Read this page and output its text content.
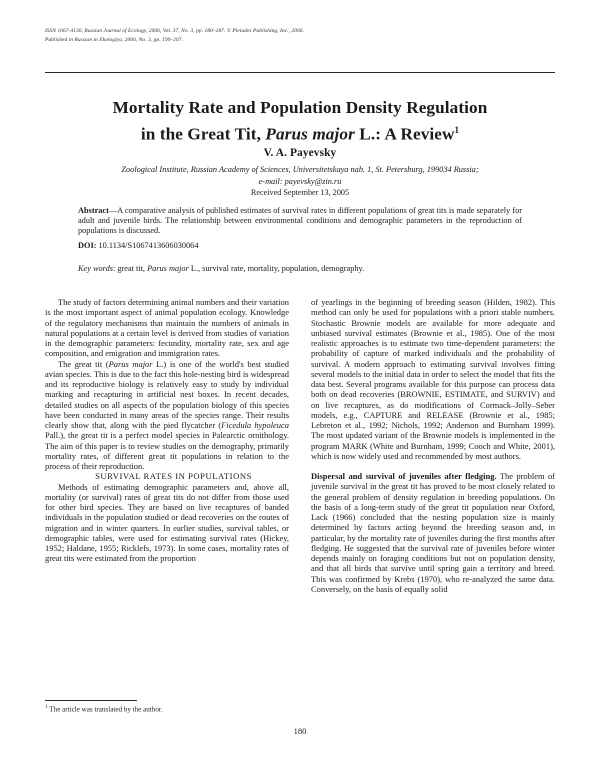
ISSN 1067-4136, Russian Journal of Ecology, 2006, Vol. 37, No. 3, pp. 180–187. © Pleiades Publishing, Inc., 2006.
Published in Russian in Ekologiya, 2006, No. 3, pp. 199–207.
Mortality Rate and Population Density Regulation
in the Great Tit, Parus major L.: A Review$^1$
V. A. Payevsky
Zoological Institute, Russian Academy of Sciences, Universitetskaya nab. 1, St. Petersburg, 199034 Russia;
e-mail: payevsky@zin.ru
Received September 13, 2005
Abstract—A comparative analysis of published estimates of survival rates in different populations of great tits is made separately for adult and juvenile birds. The relationship between environmental conditions and demographic parameters in the reproduction of populations is discussed.
DOI: 10.1134/S1067413606030064
Key words: great tit, Parus major L., survival rate, mortality, population, demography.

The study of factors determining animal numbers and their variation is the most important aspect of animal population ecology. Knowledge of the regulatory mechanisms that maintain the numbers of animals in natural populations at a certain level is derived from studies of variation in the demographic parameters: fecundity, mortality rate, sex and age composition, and emigration and immigration rates.

The great tit (Parus major L.) is one of the world's best studied avian species. This is due to the fact this hole-nesting bird is widespread and its reproductive biology is relatively easy to study by individual marking and recapturing in artificial nest boxes. In recent decades, detailed studies on all aspects of the population biology of this species have been conducted in many areas of the species range. Their results clearly show that, along with the pied flycatcher (Ficedula hypoleuca Pall.), the great tit is a perfect model species in Palearctic ornithology. The aim of this paper is to review studies on the demography, primarily mortality rates, of different great tit populations in relation to the process of their reproduction.

SURVIVAL RATES IN POPULATIONS

Methods of estimating demographic parameters and, above all, mortality (or survival) rates of great tits do not differ from those used for other bird species. They are based on live recaptures of banded individuals in the population studied or dead recoveries on the routes of migration and in winter quarters. In earlier studies, survival tables, or demographic tables, were used for estimating survival rates (Hickey, 1952; Haldane, 1955; Ricklefs, 1973). In some cases, mortality rates of great tits were estimated from the proportion

of yearlings in the beginning of breeding season (Hilden, 1982). This method can only be used for populations with a priori stable numbers. Stochastic Brownie models are available for more adequate and unbiased survival estimates (Brownie et al., 1985). One of the most realistic approaches is to estimate two time-dependent parameters: the probability of capture of marked individuals and the probability of survival. A modern approach to estimating survival involves fitting several models to the initial data in order to select the model that fits the data best. Several programs available for this purpose can process data both on dead recoveries (BROWNIE, ESTIMATE, and SURVIV) and on live recaptures, as do modifications of Cormack–Jolly–Seber models, e.g., CAPTURE and RELEASE (Brownie et al., 1985; Lebreton et al., 1992; Nichols, 1992; Anderson and Burnham 1999). The most updated variant of the Brownie models is implemented in the program MARK (White and Burnham, 1999; Cooch and White, 2001), which is now widely used and recommended by most authors.

Dispersal and survival of juveniles after fledging. The problem of juvenile survival in the great tit has proved to be most closely related to the general problem of density regulation in breeding populations. On the basis of a long-term study of the great tit population near Oxford, Lack (1966) concluded that the nesting population size is mainly determined by factors acting beyond the breeding season and, in particular, by the mortality rate of juveniles during the first months after fledging. He suggested that the survival rate of juveniles before winter depends mainly on foraging conditions but not on population density, and that all birds that survive until spring gain a territory and breed. This was confirmed by Krebs (1970), who re-analyzed the same data. Conversely, on the basis of equally solid

$^1$ The article was translated by the author.
180
